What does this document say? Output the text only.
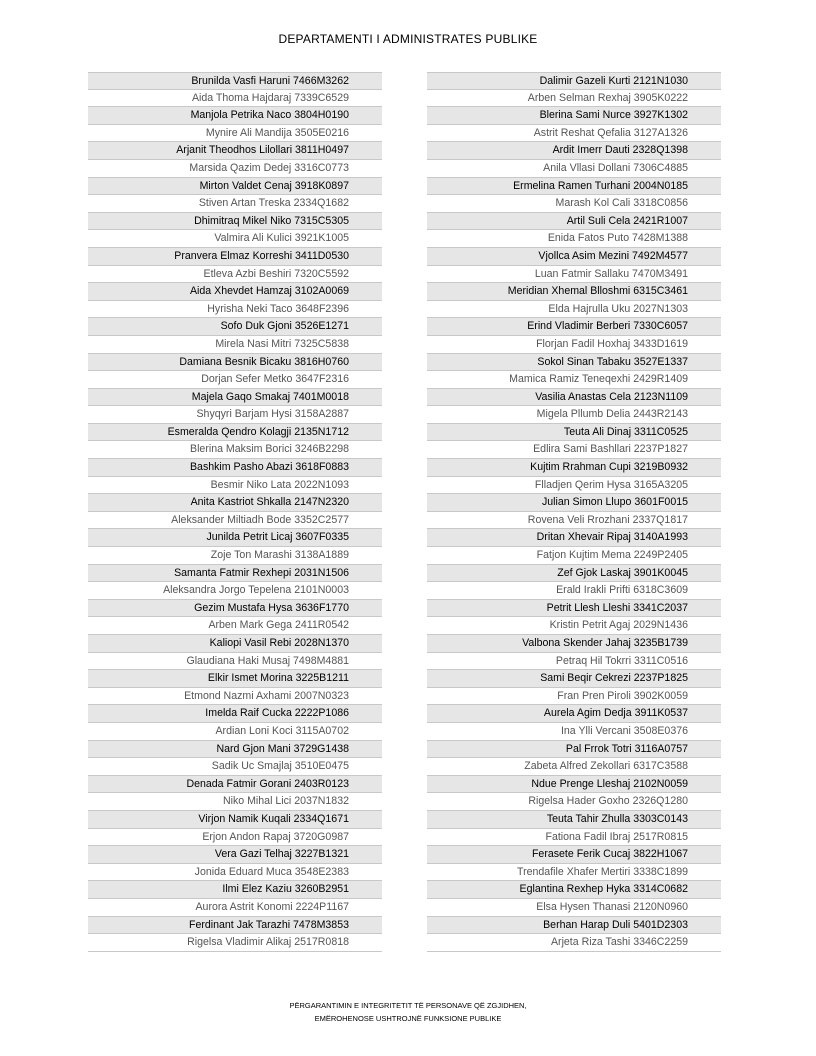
DEPARTAMENTI I ADMINISTRATES PUBLIKE
Brunilda Vasfi Haruni 7466M3262
Aida Thoma Hajdaraj 7339C6529
Manjola Petrika Naco 3804H0190
Mynire Ali Mandija 3505E0216
Arjanit Theodhos Lilollari 3811H0497
Marsida Qazim Dedej 3316C0773
Mirton Valdet Cenaj 3918K0897
Stiven Artan Treska 2334Q1682
Dhimitraq Mikel Niko 7315C5305
Valmira Ali Kulici 3921K1005
Pranvera Elmaz Korreshi 3411D0530
Etleva Azbi Beshiri 7320C5592
Aida Xhevdet Hamzaj 3102A0069
Hyrisha Neki Taco 3648F2396
Sofo Duk Gjoni 3526E1271
Mirela Nasi Mitri 7325C5838
Damiana Besnik Bicaku 3816H0760
Dorjan Sefer Metko 3647F2316
Majela Gaqo Smakaj 7401M0018
Shyqyri Barjam Hysi 3158A2887
Esmeralda Qendro Kolagji 2135N1712
Blerina Maksim Borici 3246B2298
Bashkim Pasho Abazi 3618F0883
Besmir Niko Lata 2022N1093
Anita Kastriot Shkalla 2147N2320
Aleksander Miltiadh Bode 3352C2577
Junilda Petrit Licaj 3607F0335
Zoje Ton Marashi 3138A1889
Samanta Fatmir Rexhepi 2031N1506
Aleksandra Jorgo Tepelena 2101N0003
Gezim Mustafa Hysa 3636F1770
Arben Mark Gega 2411R0542
Kaliopi Vasil Rebi 2028N1370
Glaudiana Haki Musaj 7498M4881
Elkir Ismet Morina 3225B1211
Etmond Nazmi Axhami 2007N0323
Imelda Raif Cucka 2222P1086
Ardian Loni Koci 3115A0702
Nard Gjon Mani 3729G1438
Sadik Uc Smajlaj 3510E0475
Denada Fatmir Gorani 2403R0123
Niko Mihal Lici 2037N1832
Virjon Namik Kuqali 2334Q1671
Erjon Andon Rapaj 3720G0987
Vera Gazi Telhaj 3227B1321
Jonida Eduard Muca 3548E2383
Ilmi Elez Kaziu 3260B2951
Aurora Astrit Konomi 2224P1167
Ferdinant Jak Tarazhi 7478M3853
Rigelsa Vladimir Alikaj 2517R0818
Dalimir Gazeli Kurti 2121N1030
Arben Selman Rexhaj 3905K0222
Blerina Sami Nurce 3927K1302
Astrit Reshat Qefalia 3127A1326
Ardit Imerr Dauti 2328Q1398
Anila Vllasi Dollani 7306C4885
Ermelina Ramen Turhani 2004N0185
Marash Kol Cali 3318C0856
Artil Suli Cela 2421R1007
Enida Fatos Puto 7428M1388
Vjollca Asim Mezini 7492M4577
Luan Fatmir Sallaku 7470M3491
Meridian Xhemal Blloshmi 6315C3461
Elda Hajrulla Uku 2027N1303
Erind Vladimir Berberi 7330C6057
Florjan Fadil Hoxhaj 3433D1619
Sokol Sinan Tabaku 3527E1337
Mamica Ramiz Teneqexhi 2429R1409
Vasilia Anastas Cela 2123N1109
Migela Pllumb Delia 2443R2143
Teuta Ali Dinaj 3311C0525
Edlira Sami Bashllari 2237P1827
Kujtim Rrahman Cupi 3219B0932
Flladjen Qerim Hysa 3165A3205
Julian Simon Llupo 3601F0015
Rovena Veli Rrozhani 2337Q1817
Dritan Xhevair Ripaj 3140A1993
Fatjon Kujtim Mema 2249P2405
Zef Gjok Laskaj 3901K0045
Erald Irakli Prifti 6318C3609
Petrit Llesh Lleshi 3341C2037
Kristin Petrit Agaj 2029N1436
Valbona Skender Jahaj 3235B1739
Petraq Hil Tokrri 3311C0516
Sami Beqir Cekrezi 2237P1825
Fran Pren Piroli 3902K0059
Aurela Agim Dedja 3911K0537
Ina Ylli Vercani 3508E0376
Pal Frrok Totri 3116A0757
Zabeta Alfred Zekollari 6317C3588
Ndue Prenge Lleshaj 2102N0059
Rigelsa Hader Goxho 2326Q1280
Teuta Tahir Zhulla 3303C0143
Fationa Fadil Ibraj 2517R0815
Ferasete Ferik Cucaj 3822H1067
Trendafile Xhafer Mertiri 3338C1899
Eglantina Rexhep Hyka 3314C0682
Elsa Hysen Thanasi 2120N0960
Berhan Harap Duli 5401D2303
Arjeta Riza Tashi 3346C2259
PËRGARANTIMIN E INTEGRITETIT TË PERSONAVE QË ZGJIDHEN,
EMËROHENOSE USHTROJNË FUNKSIONE PUBLIKE
